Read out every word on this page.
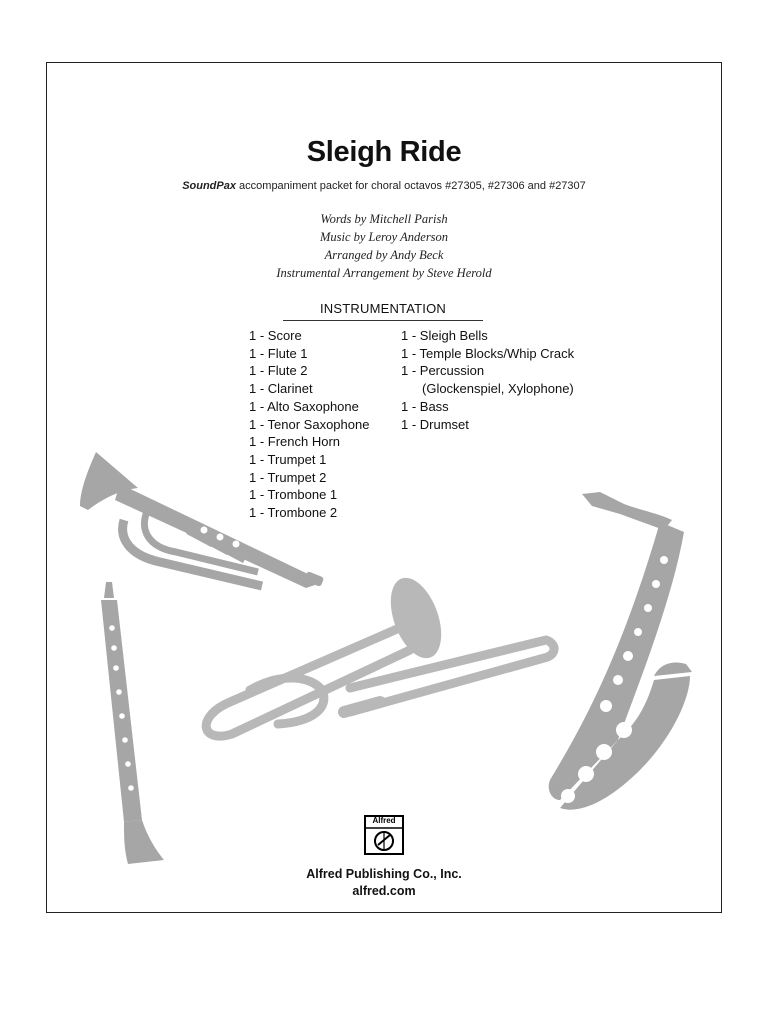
Sleigh Ride
SoundPax accompaniment packet for choral octavos #27305, #27306 and #27307
Words by Mitchell Parish
Music by Leroy Anderson
Arranged by Andy Beck
Instrumental Arrangement by Steve Herold
INSTRUMENTATION
1 - Score
1 - Flute 1
1 - Flute 2
1 - Clarinet
1 - Alto Saxophone
1 - Tenor Saxophone
1 - French Horn
1 - Trumpet 1
1 - Trumpet 2
1 - Trombone 1
1 - Trombone 2
1 - Sleigh Bells
1 - Temple Blocks/Whip Crack
1 - Percussion
(Glockenspiel, Xylophone)
1 - Bass
1 - Drumset
Alfred
Alfred Publishing Co., Inc.
alfred.com
